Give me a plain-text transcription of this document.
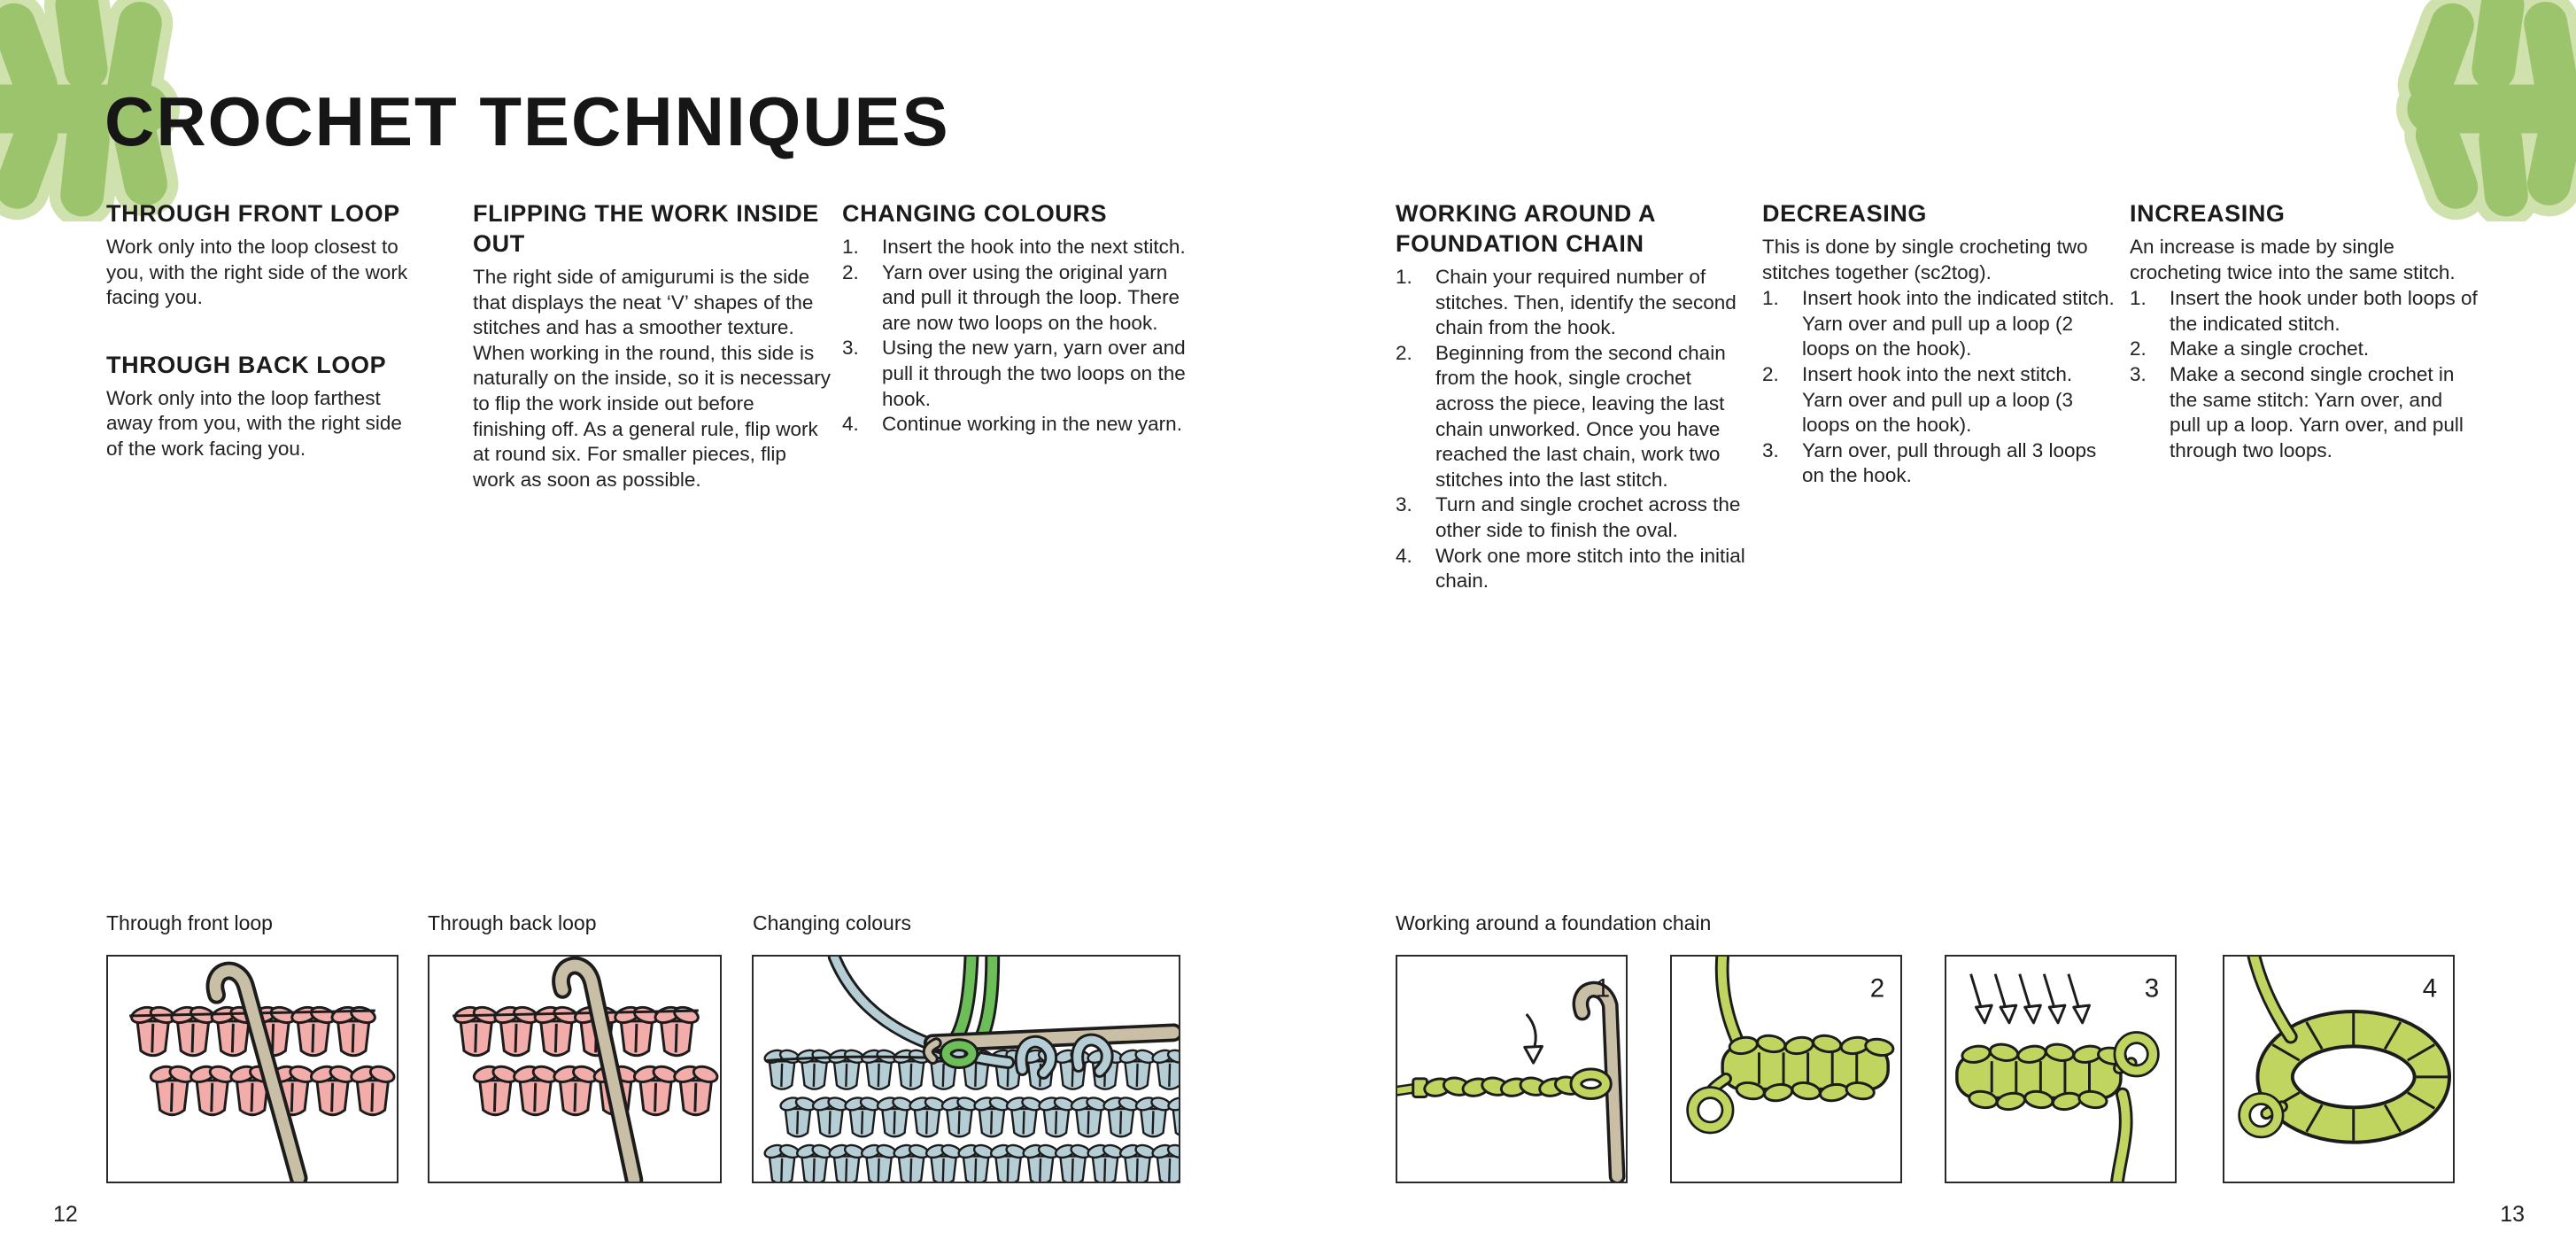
CROCHET TECHNIQUES
THROUGH FRONT LOOP

Work only into the loop closest to you, with the right side of the work facing you.

THROUGH BACK LOOP

Work only into the loop farthest away from you, with the right side of the work facing you.

FLIPPING THE WORK INSIDE OUT

The right side of amigurumi is the side that displays the neat ‘V’ shapes of the stitches and has a smoother texture. When working in the round, this side is naturally on the inside, so it is necessary to flip the work inside out before finishing off. As a general rule, flip work at round six. For smaller pieces, flip work as soon as possible.

CHANGING COLOURS
1.	Insert the hook into the next stitch.
2.	Yarn over using the original yarn and pull it through the loop. There are now two loops on the hook.
3.	Using the new yarn, yarn over and pull it through the two loops on the hook.
4.	Continue working in the new yarn.
WORKING AROUND A FOUNDATION CHAIN
1.	Chain your required number of stitches. Then, identify the second chain from the hook.
2.	Beginning from the second chain from the hook, single crochet across the piece, leaving the last chain unworked. Once you have reached the last chain, work two stitches into the last stitch.
3.	Turn and single crochet across the other side to finish the oval.
4.	Work one more stitch into the initial chain.
DECREASING

This is done by single crocheting two stitches together (sc2tog).

1.	Insert hook into the indicated stitch. Yarn over and pull up a loop (2 loops on the hook).
2.	Insert hook into the next stitch. Yarn over and pull up a loop (3 loops on the hook).
3.	Yarn over, pull through all 3 loops on the hook.
INCREASING

An increase is made by single crocheting twice into the same stitch.

1.	Insert the hook under both loops of the indicated stitch.
2.	Make a single crochet.
3.	Make a second single crochet in the same stitch: Yarn over, and pull up a loop. Yarn over, and pull through two loops.
Through front loop	Through back loop	Changing colours	Working around a foundation chain
1	2	3	4
12	13
